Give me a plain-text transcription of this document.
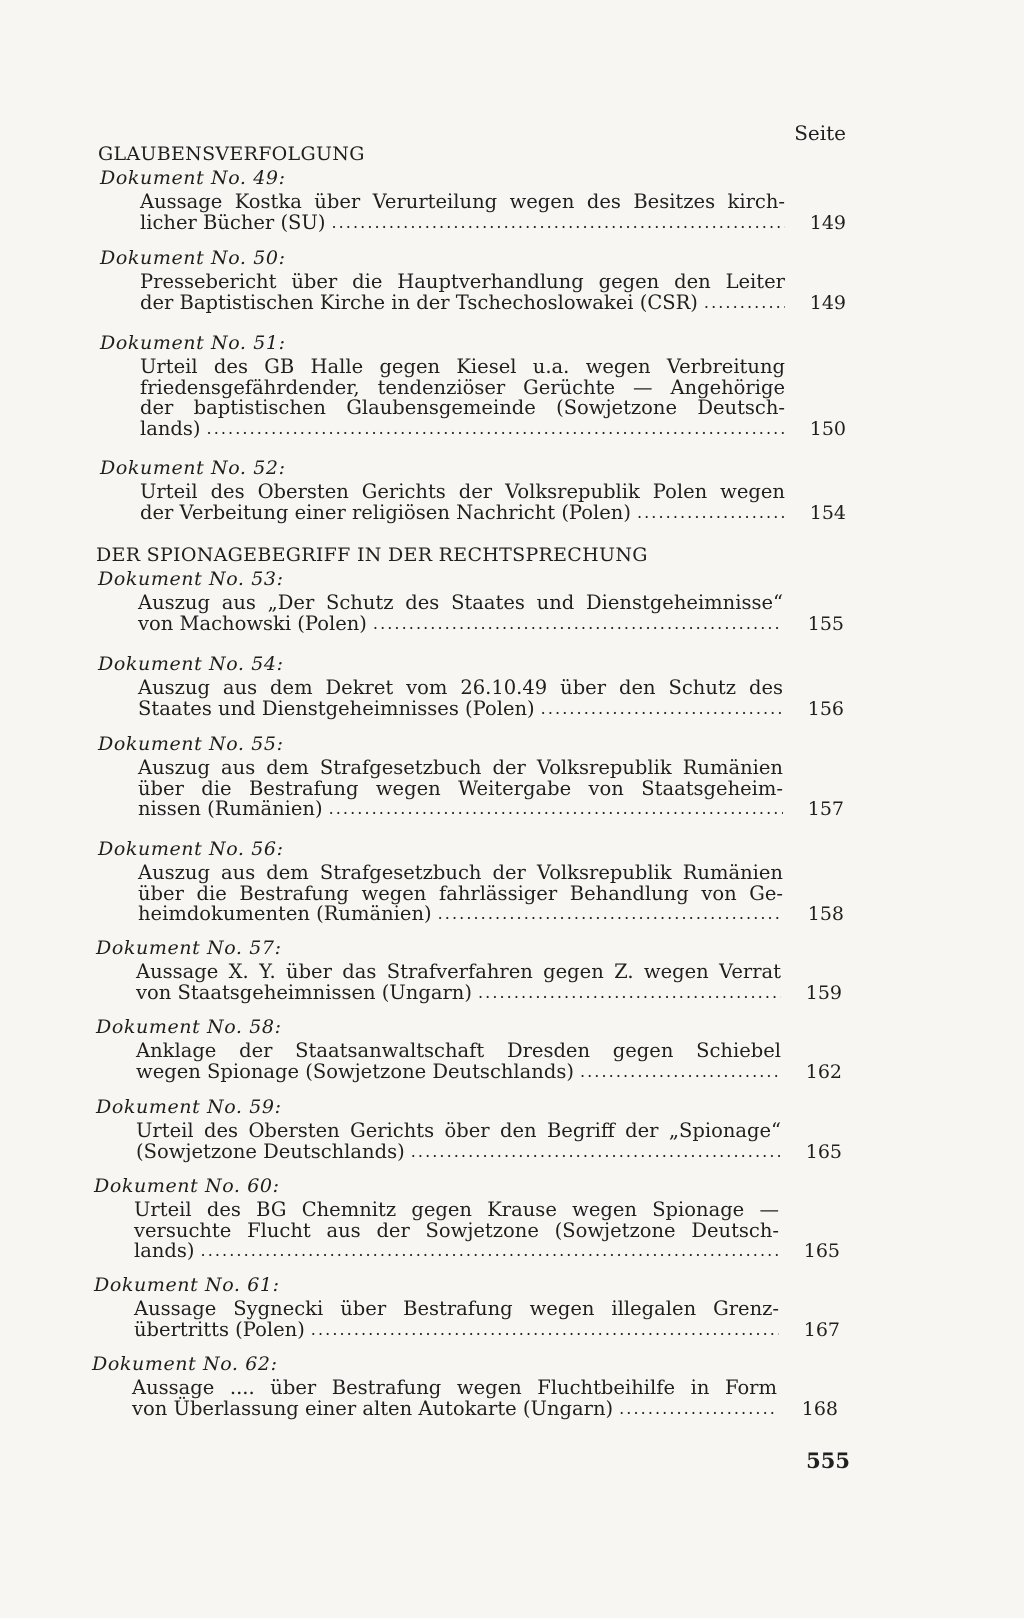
Seite
GLAUBENSVERFOLGUNG
Dokument No. 49:
Aussage Kostka über Verurteilung wegen des Besitzes kirch-
licher Bücher (SU) . . .	149
Dokument No. 50:
Pressebericht über die Hauptverhandlung gegen den Leiter
der Baptistischen Kirche in der Tschechoslowakei (CSR) . . .	149
Dokument No. 51:
Urteil des GB Halle gegen Kiesel u.a. wegen Verbreitung
friedensgefährdender, tendenziöser Gerüchte — Angehörige
der baptistischen Glaubensgemeinde (Sowjetzone Deutsch-
lands) . . .	150
Dokument No. 52:
Urteil des Obersten Gerichts der Volksrepublik Polen wegen
der Verbeitung einer religiösen Nachricht (Polen) . . .	154
DER SPIONAGEBEGRIFF IN DER RECHTSPRECHUNG
Dokument No. 53:
Auszug aus „Der Schutz des Staates und Dienstgeheimnisse“
von Machowski (Polen) . . .	155
Dokument No. 54:
Auszug aus dem Dekret vom 26.10.49 über den Schutz des
Staates und Dienstgeheimnisses (Polen) . . .	156
Dokument No. 55:
Auszug aus dem Strafgesetzbuch der Volksrepublik Rumänien
über die Bestrafung wegen Weitergabe von Staatsgeheim-
nissen (Rumänien) . . .	157
Dokument No. 56:
Auszug aus dem Strafgesetzbuch der Volksrepublik Rumänien
über die Bestrafung wegen fahrlässiger Behandlung von Ge-
heimdokumenten (Rumänien) . . .	158
Dokument No. 57:
Aussage X. Y. über das Strafverfahren gegen Z. wegen Verrat
von Staatsgeheimnissen (Ungarn) . . .	159
Dokument No. 58:
Anklage der Staatsanwaltschaft Dresden gegen Schiebel
wegen Spionage (Sowjetzone Deutschlands) . . .	162
Dokument No. 59:
Urteil des Obersten Gerichts öber den Begriff der „Spionage“
(Sowjetzone Deutschlands) . . .	165
Dokument No. 60:
Urteil des BG Chemnitz gegen Krause wegen Spionage —
versuchte Flucht aus der Sowjetzone (Sowjetzone Deutsch-
lands) . . .	165
Dokument No. 61:
Aussage Sygnecki über Bestrafung wegen illegalen Grenz-
übertritts (Polen) . . .	167
Dokument No. 62:
Aussage .... über Bestrafung wegen Fluchtbeihilfe in Form
von Überlassung einer alten Autokarte (Ungarn) . . .	168
555
